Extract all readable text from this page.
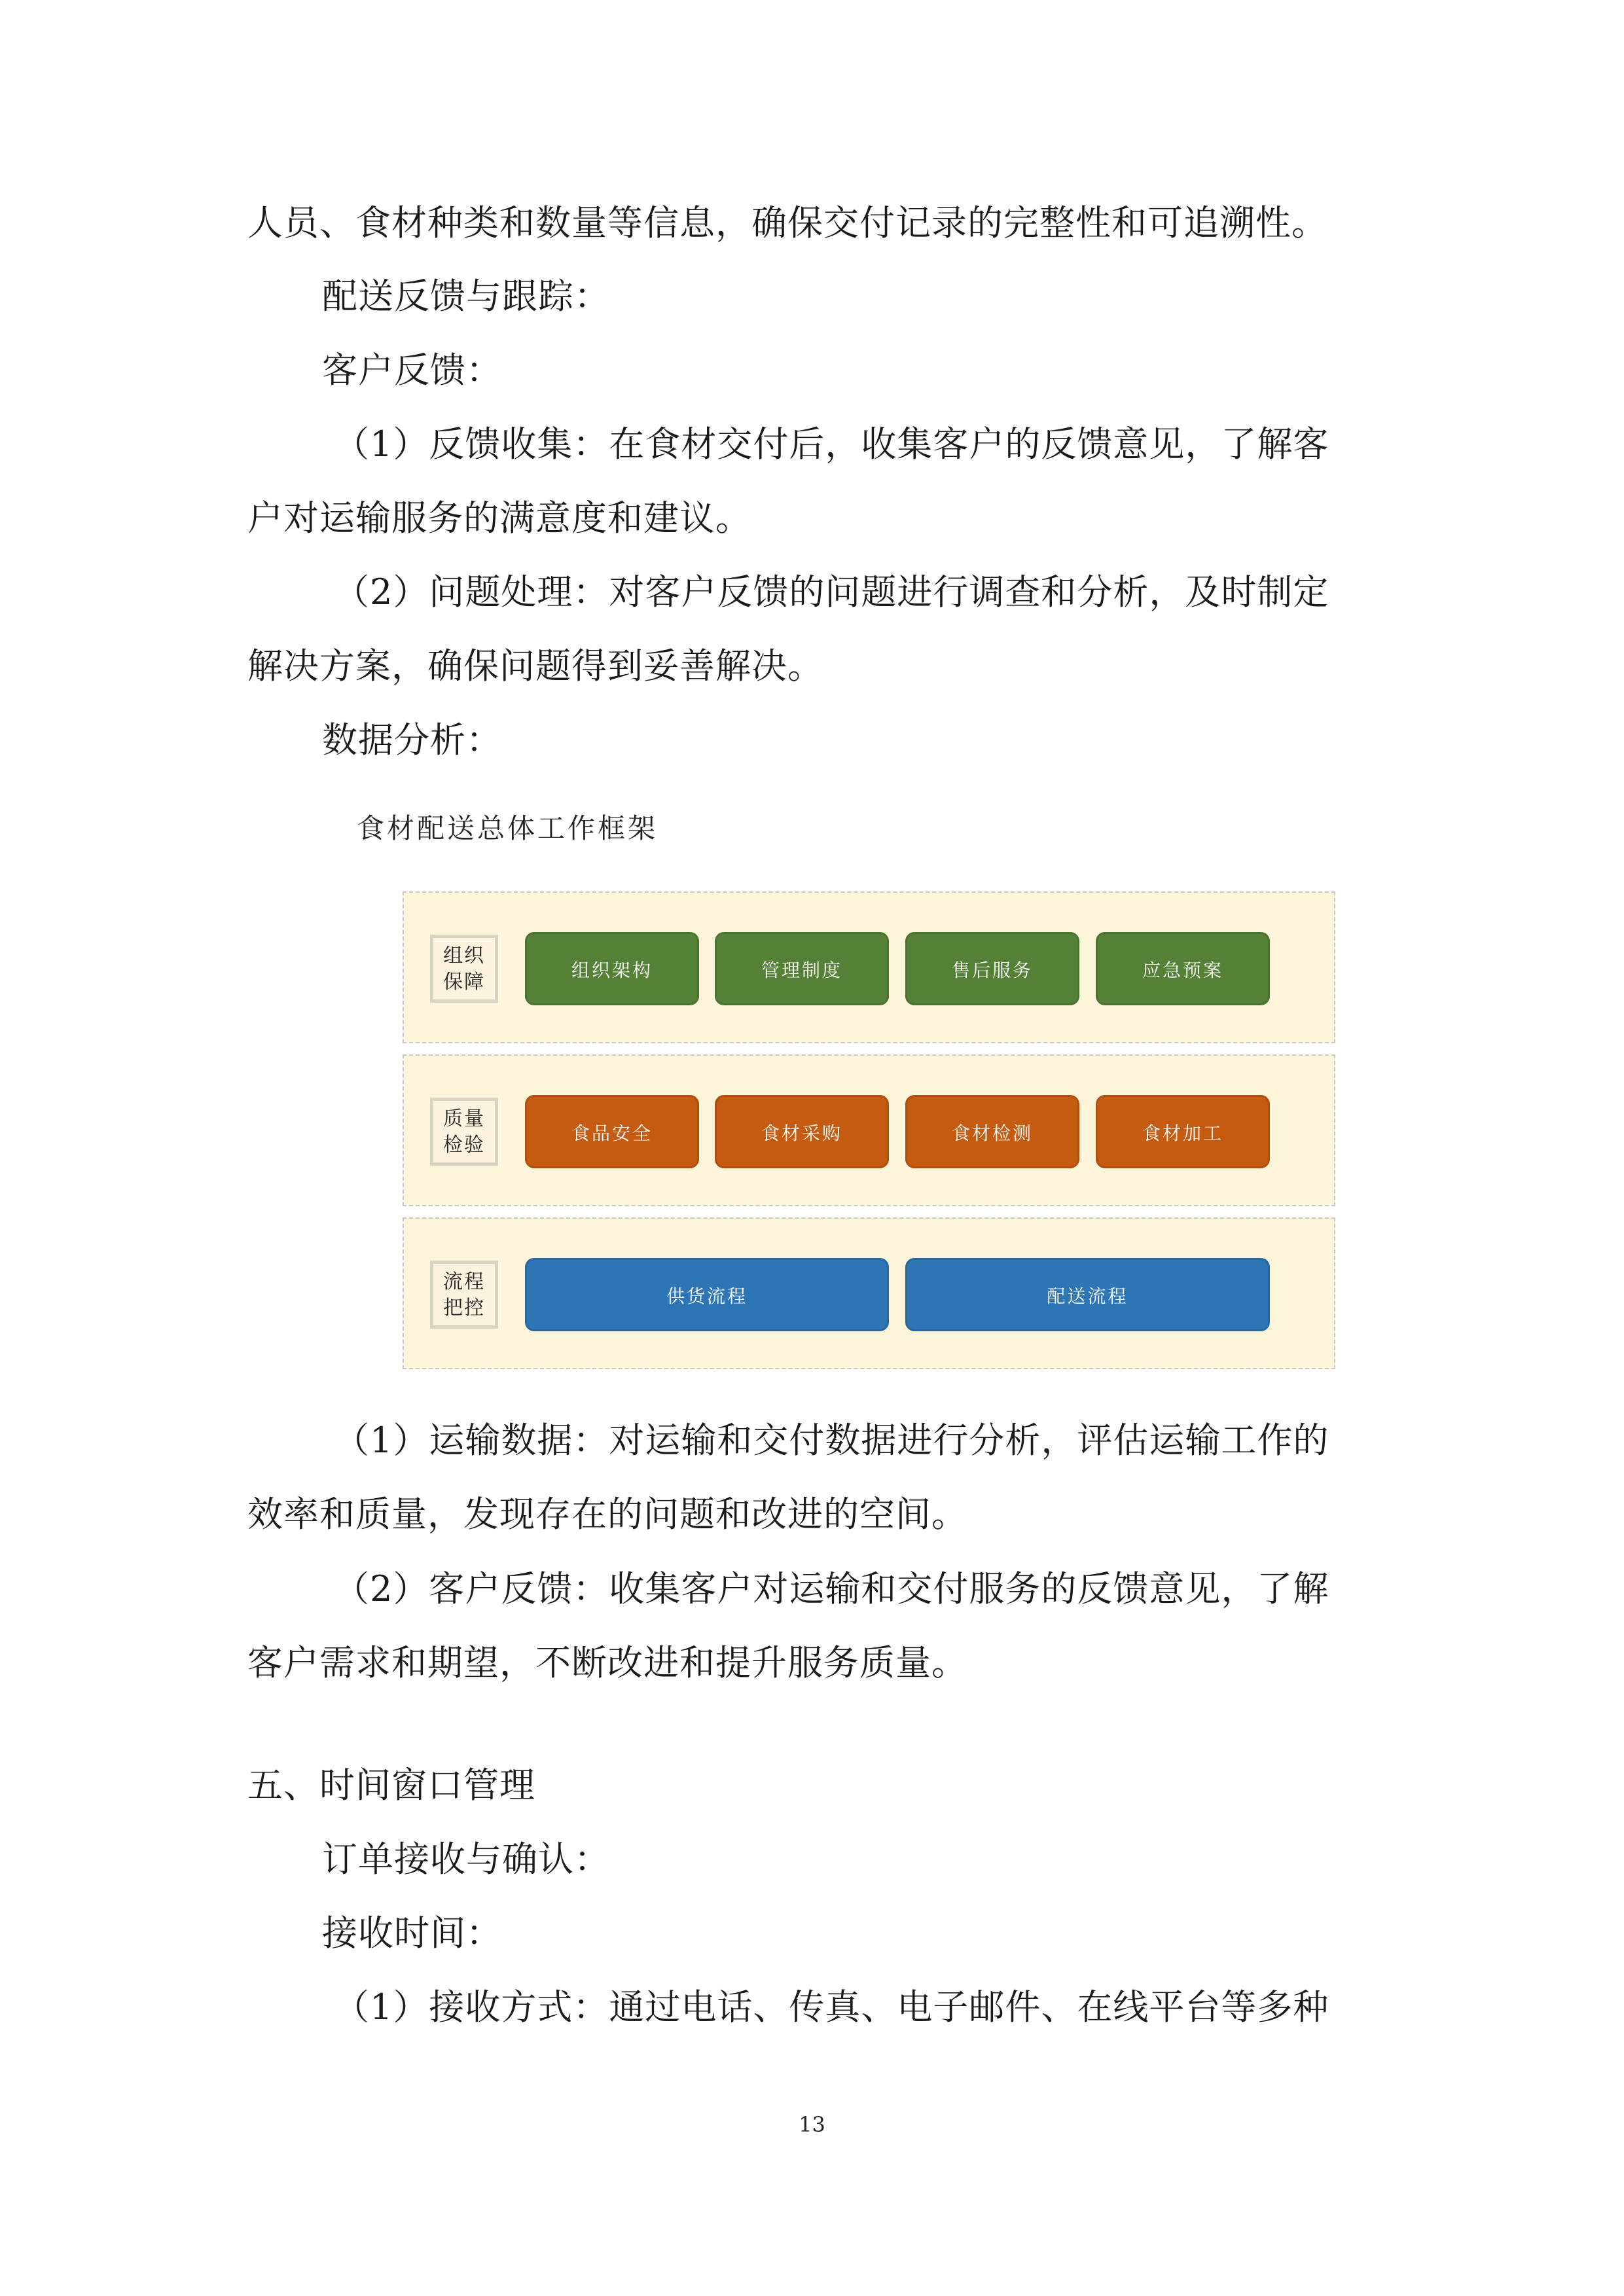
人员、食材种类和数量等信息，确保交付记录的完整性和可追溯性。
配送反馈与跟踪：
客户反馈：
（1）反馈收集：在食材交付后，收集客户的反馈意见，了解客
户对运输服务的满意度和建议。
（2）问题处理：对客户反馈的问题进行调查和分析，及时制定
解决方案，确保问题得到妥善解决。
数据分析：
食材配送总体工作框架
组织
保障
组织架构	管理制度	售后服务	应急预案
质量
检验
食品安全	食材采购	食材检测	食材加工
流程
把控
供货流程	配送流程
（1）运输数据：对运输和交付数据进行分析，评估运输工作的
效率和质量，发现存在的问题和改进的空间。
（2）客户反馈：收集客户对运输和交付服务的反馈意见，了解
客户需求和期望，不断改进和提升服务质量。
五、时间窗口管理
订单接收与确认：
接收时间：
（1）接收方式：通过电话、传真、电子邮件、在线平台等多种
13
